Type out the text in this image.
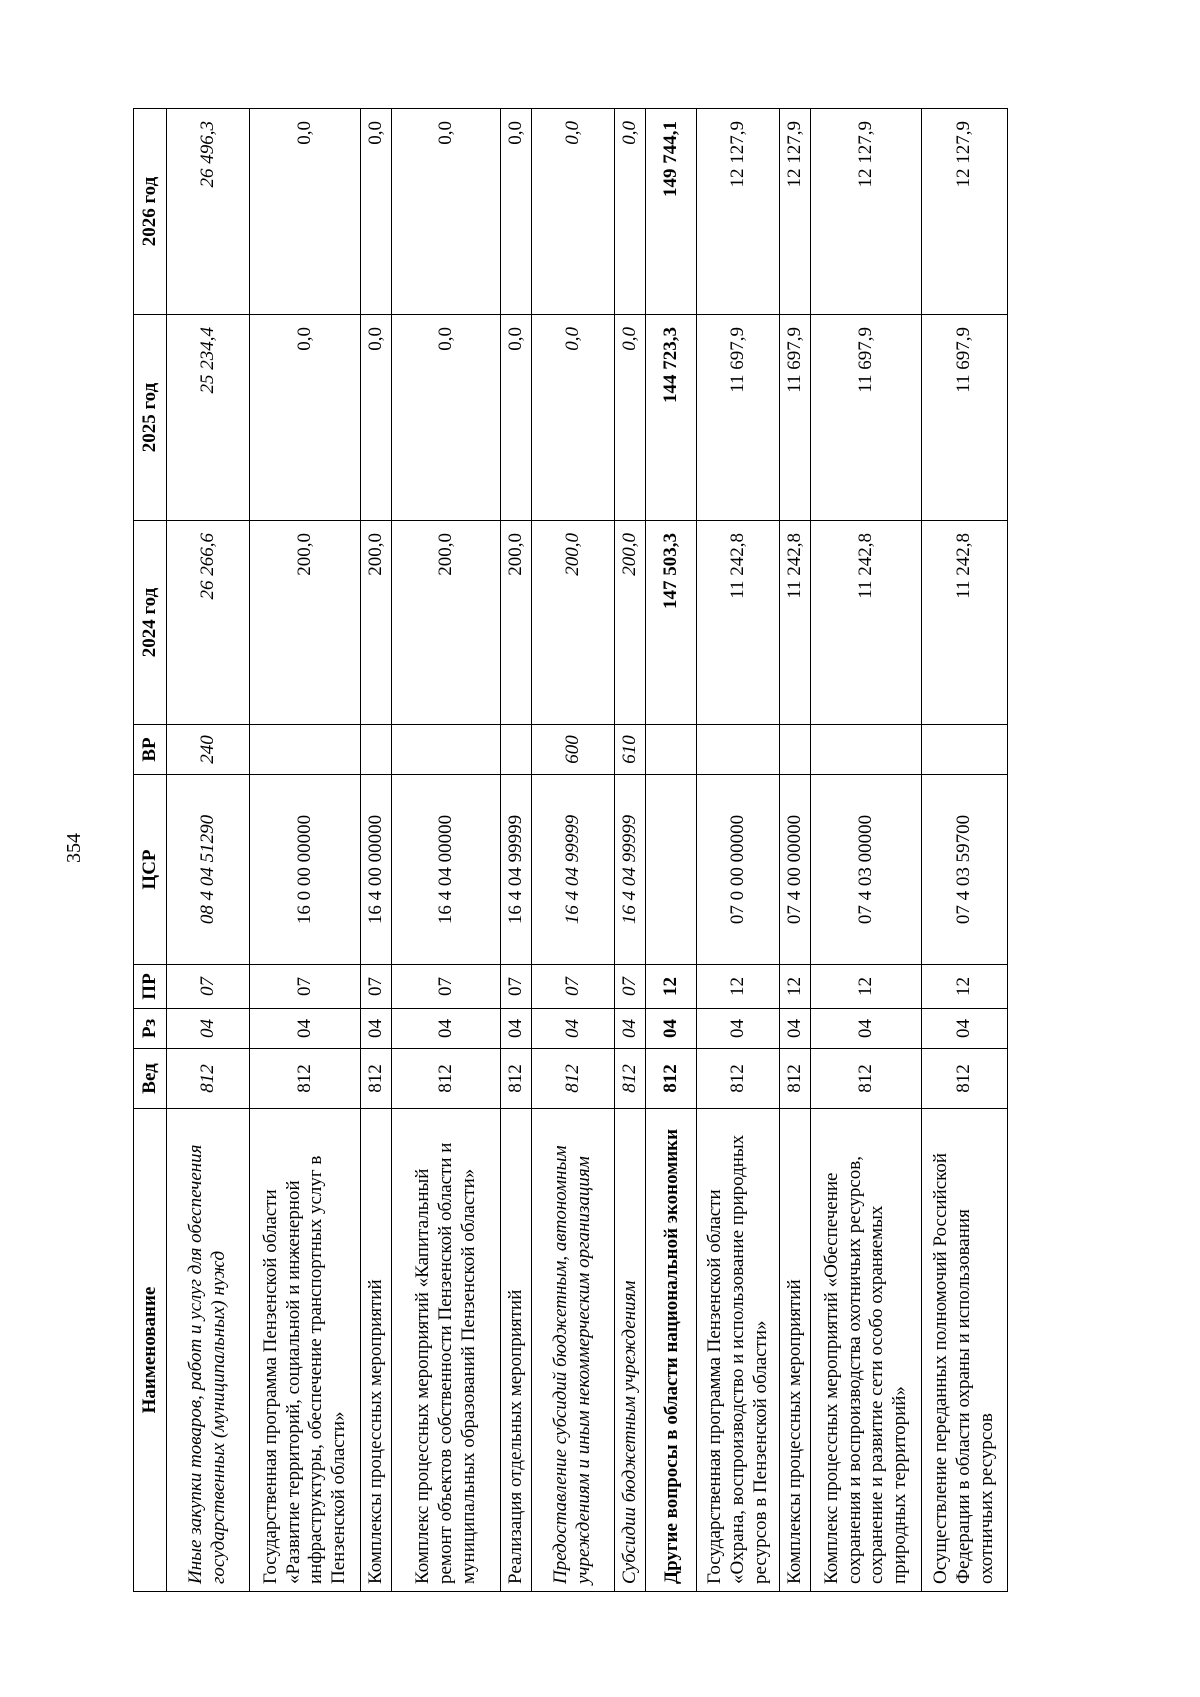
354
Наименование	Вед	Рз	ПР	ЦСР	ВР	2024 год	2025 год	2026 год
Иные закупки товаров, работ и услуг для обеспечения государственных (муниципальных) нужд	812	04	07	08 4 04 51290	240	26 266,6	25 234,4	26 496,3
Государственная программа Пензенской области «Развитие территорий, социальной и инженерной инфраструктуры, обеспечение транспортных услуг в Пензенской области»	812	04	07	16 0 00 00000		200,0	0,0	0,0
Комплексы процессных мероприятий	812	04	07	16 4 00 00000		200,0	0,0	0,0
Комплекс процессных мероприятий «Капитальный ремонт объектов собственности Пензенской области и муниципальных образований Пензенской области»	812	04	07	16 4 04 00000		200,0	0,0	0,0
Реализация отдельных мероприятий	812	04	07	16 4 04 99999		200,0	0,0	0,0
Предоставление субсидий бюджетным, автономным учреждениям и иным некоммерческим организациям	812	04	07	16 4 04 99999	600	200,0	0,0	0,0
Субсидии бюджетным учреждениям	812	04	07	16 4 04 99999	610	200,0	0,0	0,0
Другие вопросы в области национальной экономики	812	04	12			147 503,3	144 723,3	149 744,1
Государственная программа Пензенской области «Охрана, воспроизводство и использование природных ресурсов в Пензенской области»	812	04	12	07 0 00 00000		11 242,8	11 697,9	12 127,9
Комплексы процессных мероприятий	812	04	12	07 4 00 00000		11 242,8	11 697,9	12 127,9
Комплекс процессных мероприятий «Обеспечение сохранения и воспроизводства охотничьих ресурсов, сохранение и развитие сети особо охраняемых природных территорий»	812	04	12	07 4 03 00000		11 242,8	11 697,9	12 127,9
Осуществление переданных полномочий Российской Федерации в области охраны и использования охотничьих ресурсов	812	04	12	07 4 03 59700		11 242,8	11 697,9	12 127,9
